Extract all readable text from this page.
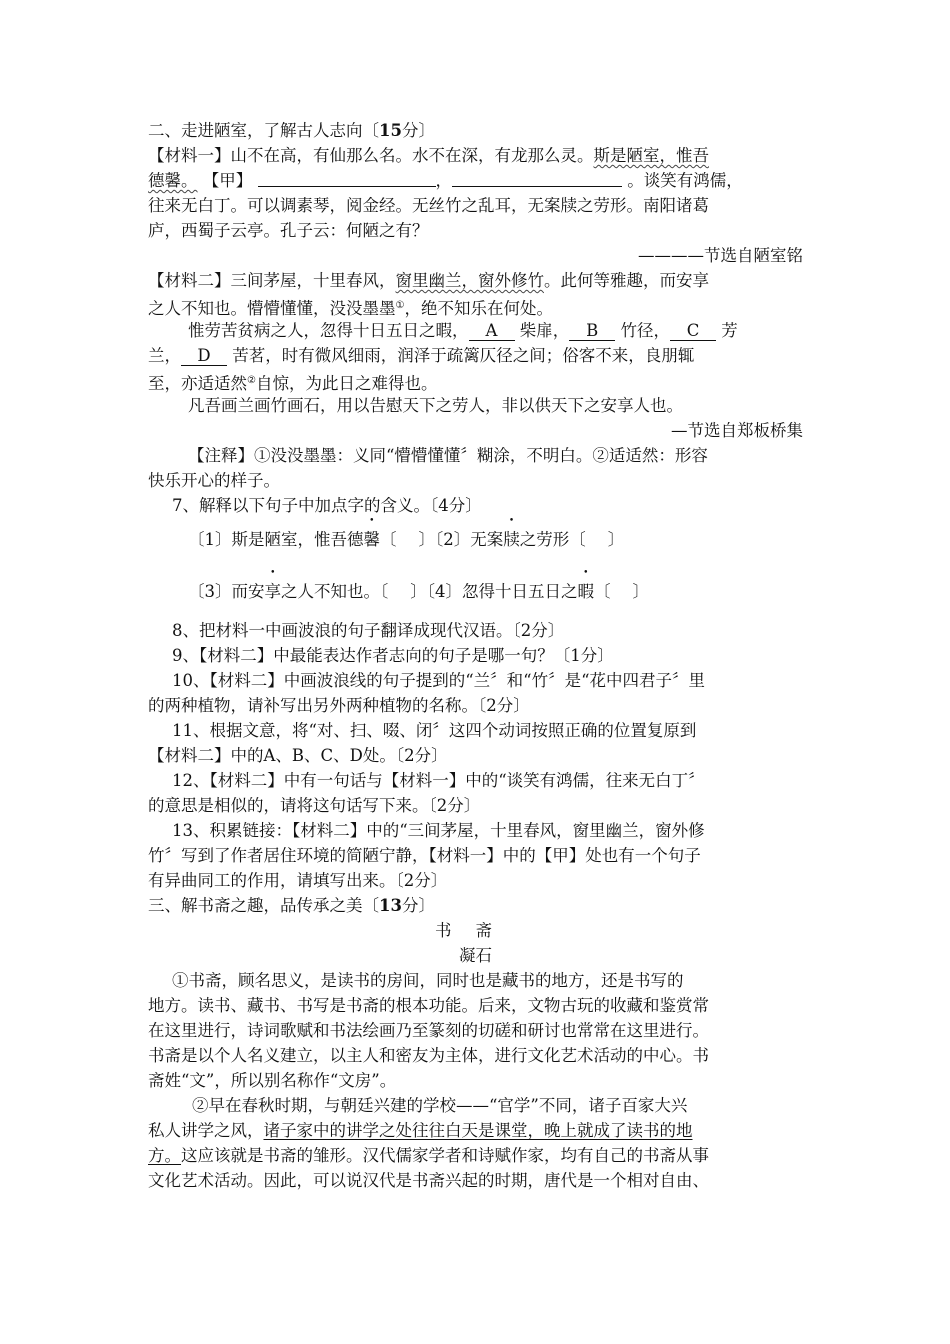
二、走进陋室，了解古人志向〔15分〕
【材料一】山不在高，有仙那么名。水不在深，有龙那么灵。斯是陋室，惟吾
德馨。 【甲】	，	。谈笑有鸿儒，
往来无白丁。可以调素琴，阅金经。无丝竹之乱耳，无案牍之劳形。南阳诸葛
庐，西蜀子云亭。孔子云：何陋之有？
————节选自陋室铭
【材料二】三间茅屋，十里春风，窗里幽兰，窗外修竹。此何等雅趣，而安享
之人不知也。懵懵懂懂，没没墨墨①，绝不知乐在何处。
惟劳苦贫病之人，忽得十日五日之暇， A 柴扉， B 竹径， C 芳
兰， D 苦茗，时有微风细雨，润泽于疏篱仄径之间；俗客不来，良朋辄
至，亦适适然②自惊，为此日之难得也。
凡吾画兰画竹画石，用以告慰天下之劳人，非以供天下之安享人也。
—节选自郑板桥集
【注释】①没没墨墨：义同“懵懵懂懂〞糊涂，不明白。②适适然：形容
快乐开心的样子。
7、解释以下句子中加点字的含义。〔4分〕
〔1〕斯是陋室，惟吾德馨〔 〕〔2〕无案牍之劳形〔 〕
〔3〕而安享之人不知也。〔 〕〔4〕忽得十日五日之暇〔 〕
8、把材料一中画波浪的句子翻译成现代汉语。〔2分〕
9、【材料二】中最能表达作者志向的句子是哪一句？〔1分〕
10、【材料二】中画波浪线的句子提到的“兰〞和“竹〞是“花中四君子〞里
的两种植物，请补写出另外两种植物的名称。〔2分〕
11、根据文意，将“对、扫、啜、闭〞这四个动词按照正确的位置复原到
【材料二】中的A、B、C、D处。〔2分〕
12、【材料二】中有一句话与【材料一】中的“谈笑有鸿儒，往来无白丁〞
的意思是相似的，请将这句话写下来。〔2分〕
13、积累链接：【材料二】中的“三间茅屋，十里春风，窗里幽兰，窗外修
竹〞写到了作者居住环境的简陋宁静，【材料一】中的【甲】处也有一个句子
有异曲同工的作用，请填写出来。〔2分〕
三、解书斋之趣，品传承之美〔13分〕
书斋
凝石
①书斋，顾名思义，是读书的房间，同时也是藏书的地方，还是书写的
地方。读书、藏书、书写是书斋的根本功能。后来，文物古玩的收藏和鉴赏常
在这里进行，诗词歌赋和书法绘画乃至篆刻的切磋和研讨也常常在这里进行。
书斋是以个人名义建立，以主人和密友为主体，进行文化艺术活动的中心。书
斋姓“文”，所以别名称作“文房”。
②早在春秋时期，与朝廷兴建的学校——“官学”不同，诸子百家大兴
私人讲学之风，诸子家中的讲学之处往往白天是课堂，晚上就成了读书的地
方。这应该就是书斋的雏形。汉代儒家学者和诗赋作家，均有自己的书斋从事
文化艺术活动。因此，可以说汉代是书斋兴起的时期，唐代是一个相对自由、
